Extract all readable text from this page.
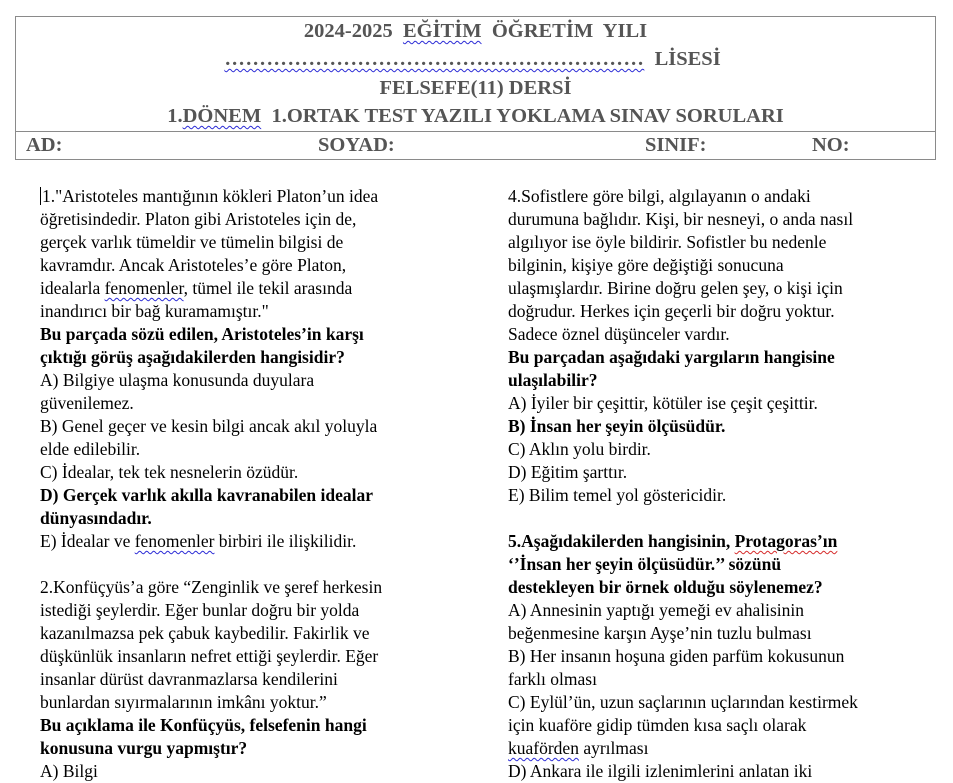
2024-2025  EĞİTİM  ÖĞRETİM  YILI
……………………………………………………  LİSESİ
FELSEFE(11) DERSİ
1.DÖNEM  1.ORTAK TEST YAZILI YOKLAMA SINAV SORULARI
AD:	SOYAD:	SINIF:	NO:

1."Aristoteles mantığının kökleri Platon’un idea

öğretisindedir. Platon gibi Aristoteles için de,

gerçek varlık tümeldir ve tümelin bilgisi de

kavramdır. Ancak Aristoteles’e göre Platon,

idealarla fenomenler, tümel ile tekil arasında

inandırıcı bir bağ kuramamıştır."

Bu parçada sözü edilen, Aristoteles’in karşı

çıktığı görüş aşağıdakilerden hangisidir?

A) Bilgiye ulaşma konusunda duyulara

güvenilemez.

B) Genel geçer ve kesin bilgi ancak akıl yoluyla

elde edilebilir.

C) İdealar, tek tek nesnelerin özüdür.

D) Gerçek varlık akılla kavranabilen idealar

dünyasındadır.

E) İdealar ve fenomenler birbiri ile ilişkilidir.

2.Konfüçyüs’a göre “Zenginlik ve şeref herkesin

istediği şeylerdir. Eğer bunlar doğru bir yolda

kazanılmazsa pek çabuk kaybedilir. Fakirlik ve

düşkünlük insanların nefret ettiği şeylerdir. Eğer

insanlar dürüst davranmazlarsa kendilerini

bunlardan sıyırmalarının imkânı yoktur.”

Bu açıklama ile Konfüçyüs, felsefenin hangi

konusuna vurgu yapmıştır?

A) Bilgi

4.Sofistlere göre bilgi, algılayanın o andaki

durumuna bağlıdır. Kişi, bir nesneyi, o anda nasıl

algılıyor ise öyle bildirir. Sofistler bu nedenle

bilginin, kişiye göre değiştiği sonucuna

ulaşmışlardır. Birine doğru gelen şey, o kişi için

doğrudur. Herkes için geçerli bir doğru yoktur.

Sadece öznel düşünceler vardır.

Bu parçadan aşağıdaki yargıların hangisine

ulaşılabilir?

A) İyiler bir çeşittir, kötüler ise çeşit çeşittir.

B) İnsan her şeyin ölçüsüdür.

C) Aklın yolu birdir.

D) Eğitim şarttır.

E) Bilim temel yol göstericidir.

5.Aşağıdakilerden hangisinin, Protagoras’ın

‘’İnsan her şeyin ölçüsüdür.’’ sözünü

destekleyen bir örnek olduğu söylenemez?

A) Annesinin yaptığı yemeği ev ahalisinin

beğenmesine karşın Ayşe’nin tuzlu bulması

B) Her insanın hoşuna giden parfüm kokusunun

farklı olması

C) Eylül’ün, uzun saçlarının uçlarından kestirmek

için kuaföre gidip tümden kısa saçlı olarak

kuaförden ayrılması

D) Ankara ile ilgili izlenimlerini anlatan iki
